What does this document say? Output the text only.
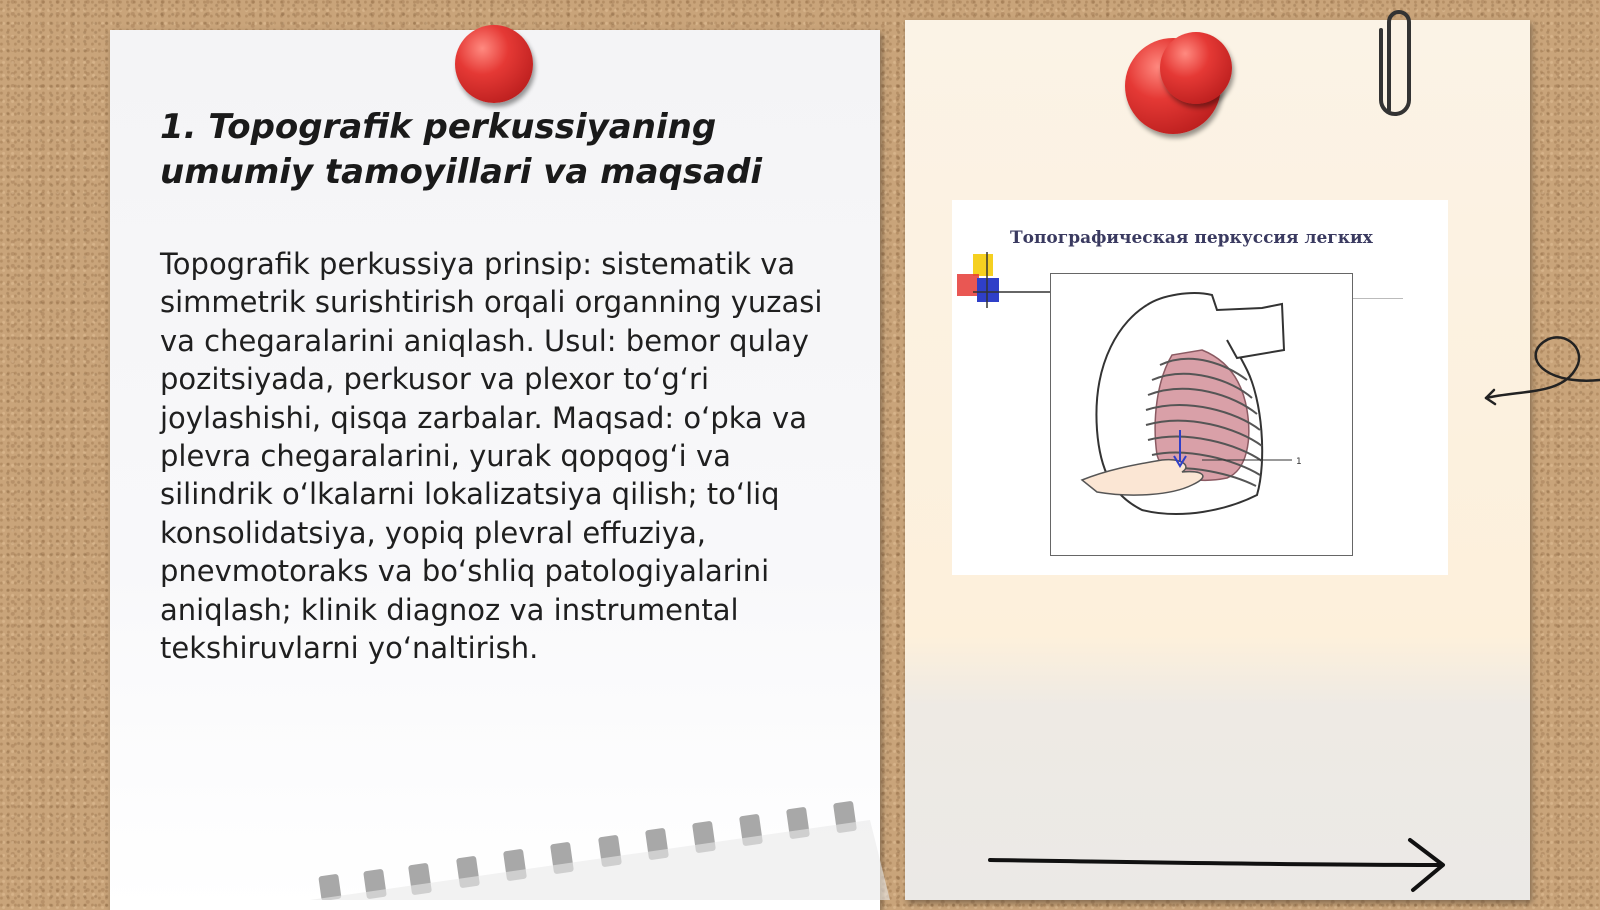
1. Topografik perkussiyaning umumiy tamoyillari va maqsadi

Topografik perkussiya prinsip: sistematik va simmetrik surishtirish orqali organning yuzasi va chegaralarini aniqlash. Usul: bemor qulay pozitsiyada, perkusor va plexor to‘g‘ri joylashishi, qisqa zarbalar. Maqsad: o‘pka va plevra chegaralarini, yurak qopqog‘i va silindrik o‘lkalarni lokalizatsiya qilish; to‘liq konsolidatsiya, yopiq plevral effuziya, pnevmotoraks va bo‘shliq patologiyalarini aniqlash; klinik diagnoz va instrumental tekshiruvlarni yo‘naltirish.

Топографическая перкуссия легких

1
